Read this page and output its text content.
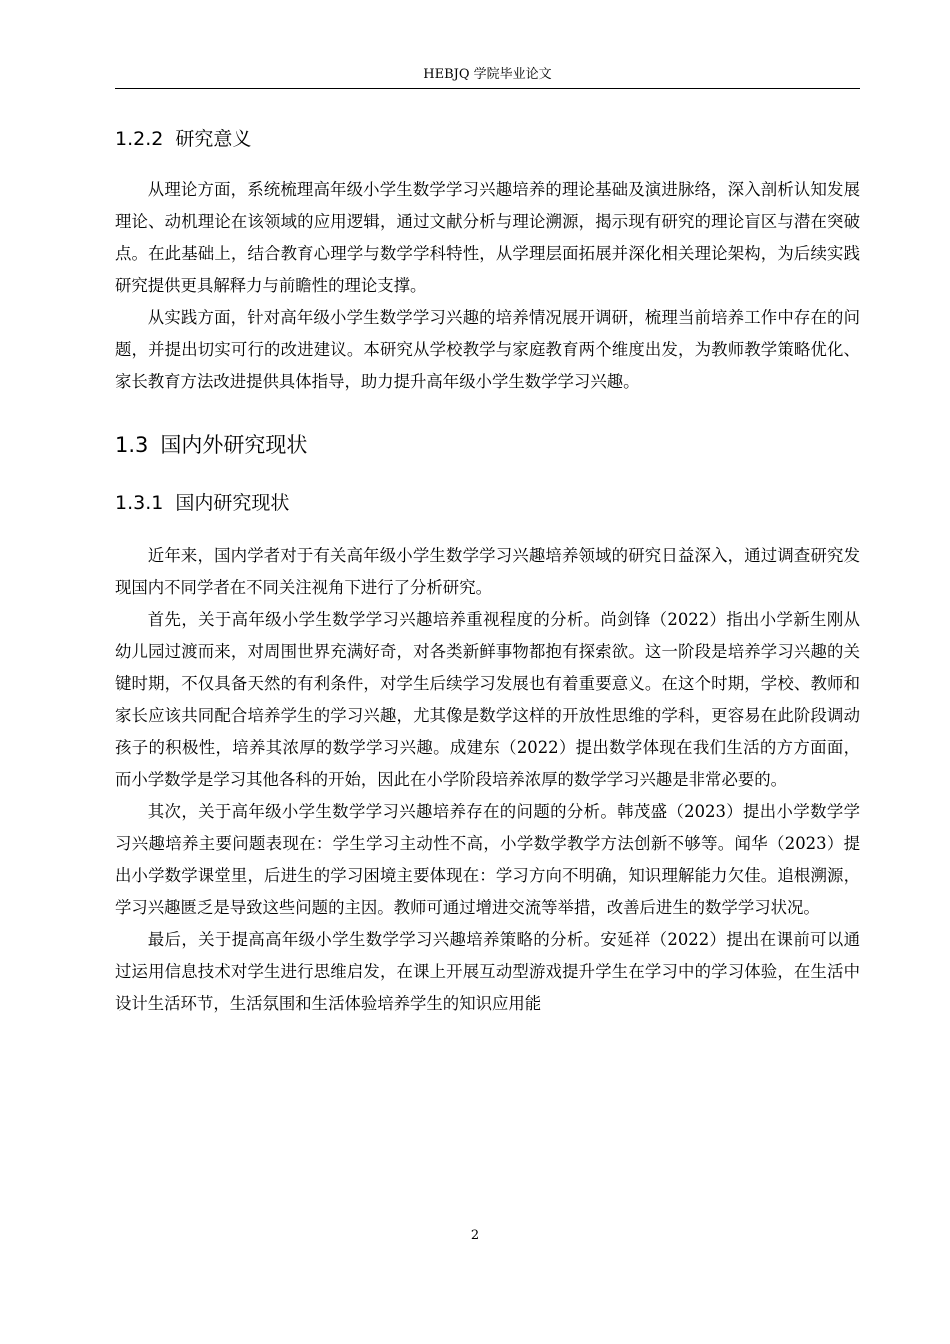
HEBJQ 学院毕业论文
1.2.2 研究意义

从理论方面，系统梳理高年级小学生数学学习兴趣培养的理论基础及演进脉络，深入剖析认知发展理论、动机理论在该领域的应用逻辑，通过文献分析与理论溯源，揭示现有研究的理论盲区与潜在突破点。在此基础上，结合教育心理学与数学学科特性，从学理层面拓展并深化相关理论架构，为后续实践研究提供更具解释力与前瞻性的理论支撑。

从实践方面，针对高年级小学生数学学习兴趣的培养情况展开调研，梳理当前培养工作中存在的问题，并提出切实可行的改进建议。本研究从学校教学与家庭教育两个维度出发，为教师教学策略优化、家长教育方法改进提供具体指导，助力提升高年级小学生数学学习兴趣。

1.3 国内外研究现状
1.3.1 国内研究现状

近年来，国内学者对于有关高年级小学生数学学习兴趣培养领域的研究日益深入，通过调查研究发现国内不同学者在不同关注视角下进行了分析研究。

首先，关于高年级小学生数学学习兴趣培养重视程度的分析。尚剑锋（2022）指出小学新生刚从幼儿园过渡而来，对周围世界充满好奇，对各类新鲜事物都抱有探索欲。这一阶段是培养学习兴趣的关键时期，不仅具备天然的有利条件，对学生后续学习发展也有着重要意义。在这个时期，学校、教师和家长应该共同配合培养学生的学习兴趣，尤其像是数学这样的开放性思维的学科，更容易在此阶段调动孩子的积极性，培养其浓厚的数学学习兴趣。成建东（2022）提出数学体现在我们生活的方方面面，而小学数学是学习其他各科的开始，因此在小学阶段培养浓厚的数学学习兴趣是非常必要的。

其次，关于高年级小学生数学学习兴趣培养存在的问题的分析。韩茂盛（2023）提出小学数学学习兴趣培养主要问题表现在：学生学习主动性不高，小学数学教学方法创新不够等。闻华（2023）提出小学数学课堂里，后进生的学习困境主要体现在：学习方向不明确，知识理解能力欠佳。追根溯源，学习兴趣匮乏是导致这些问题的主因。教师可通过增进交流等举措，改善后进生的数学学习状况。

最后，关于提高高年级小学生数学学习兴趣培养策略的分析。安延祥（2022）提出在课前可以通过运用信息技术对学生进行思维启发，在课上开展互动型游戏提升学生在学习中的学习体验，在生活中设计生活环节，生活氛围和生活体验培养学生的知识应用能

2
